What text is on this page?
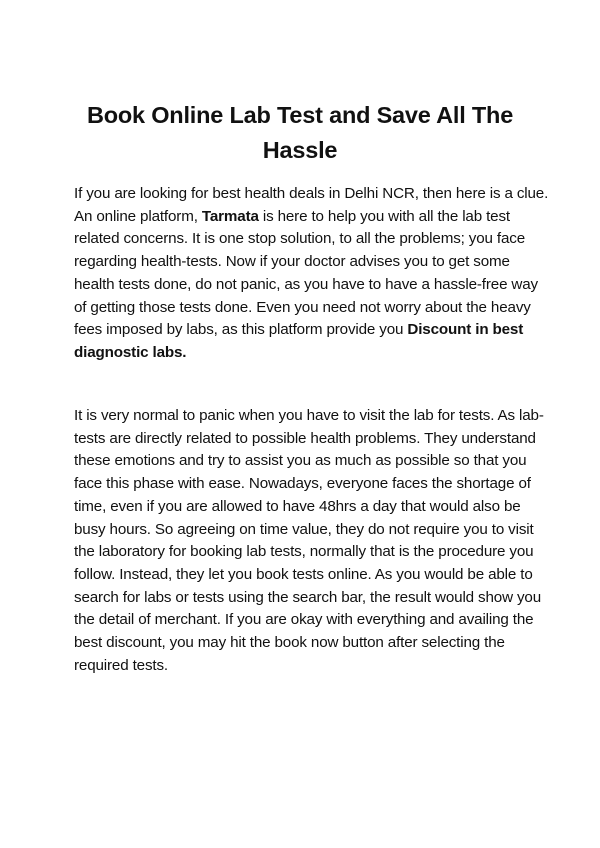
Book Online Lab Test and Save All The Hassle

If you are looking for best health deals in Delhi NCR, then here is a clue. An online platform, Tarmata is here to help you with all the lab test related concerns. It is one stop solution, to all the problems; you face regarding health-tests. Now if your doctor advises you to get some health tests done, do not panic, as you have to have a hassle-free way of getting those tests done. Even you need not worry about the heavy fees imposed by labs, as this platform provide you Discount in best diagnostic labs.

It is very normal to panic when you have to visit the lab for tests. As lab-tests are directly related to possible health problems. They understand these emotions and try to assist you as much as possible so that you face this phase with ease. Nowadays, everyone faces the shortage of time, even if you are allowed to have 48hrs a day that would also be busy hours. So agreeing on time value, they do not require you to visit the laboratory for booking lab tests, normally that is the procedure you follow. Instead, they let you book tests online. As you would be able to search for labs or tests using the search bar, the result would show you the detail of merchant. If you are okay with everything and availing the best discount, you may hit the book now button after selecting the required tests.
